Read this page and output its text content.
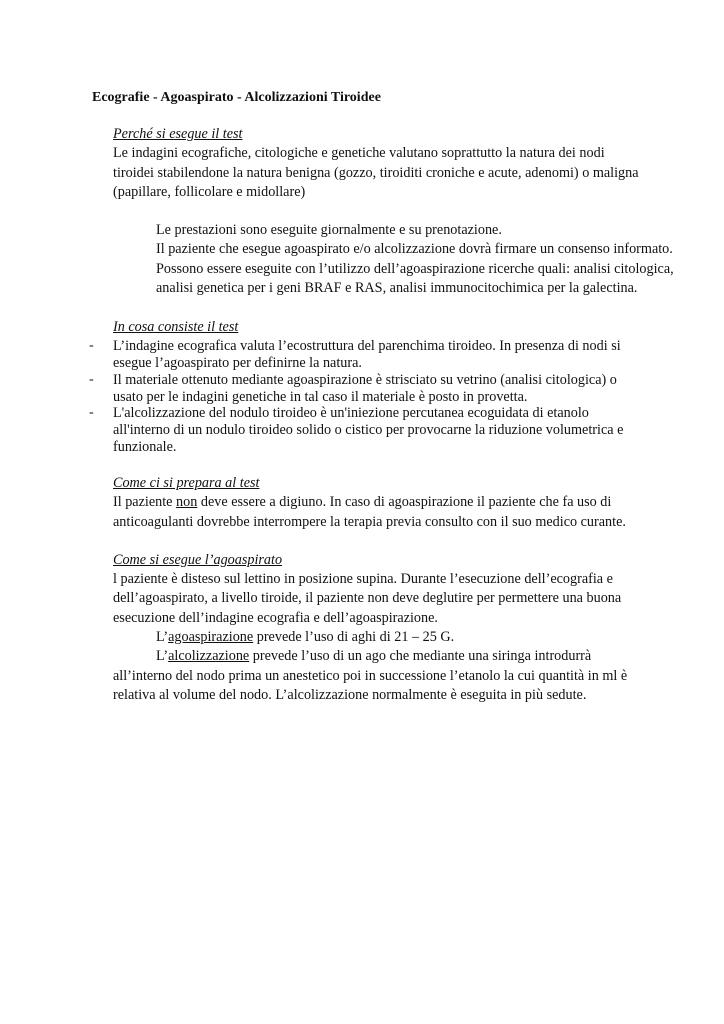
Ecografie - Agoaspirato - Alcolizzazioni Tiroidee
Perché si esegue il test
Le indagini ecografiche, citologiche e genetiche valutano soprattutto la natura dei nodi
tiroidei stabilendone la natura benigna (gozzo, tiroiditi croniche e acute, adenomi) o maligna
(papillare, follicolare e midollare)
Le prestazioni sono eseguite giornalmente e su prenotazione.
Il paziente che esegue agoaspirato e/o alcolizzazione dovrà firmare un consenso informato.
Possono essere eseguite con l’utilizzo dell’agoaspirazione ricerche quali: analisi citologica,
analisi genetica per i geni BRAF e RAS, analisi immunocitochimica per la galectina.
In cosa consiste il test
- L’indagine ecografica valuta l’ecostruttura del parenchima tiroideo. In presenza di nodi si
esegue l’agoaspirato per definirne la natura.
- Il materiale ottenuto mediante agoaspirazione è strisciato su vetrino (analisi citologica) o
usato per le indagini genetiche in tal caso il materiale è posto in provetta.
- L'alcolizzazione del nodulo tiroideo è un'iniezione percutanea ecoguidata di etanolo
all'interno di un nodulo tiroideo solido o cistico per provocarne la riduzione volumetrica e
funzionale.
Come ci si prepara al test
Il paziente non deve essere a digiuno. In caso di agoaspirazione il paziente che fa uso di
anticoagulanti dovrebbe interrompere la terapia previa consulto con il suo medico curante.
Come si esegue l’agoaspirato
l paziente è disteso sul lettino in posizione supina. Durante l’esecuzione dell’ecografia e
dell’agoaspirato, a livello tiroide, il paziente non deve deglutire per permettere una buona
esecuzione dell’indagine ecografia e dell’agoaspirazione.
L’agoaspirazione prevede l’uso di aghi di 21 – 25 G.
L’alcolizzazione prevede l’uso di un ago che mediante una siringa introdurrà
all’interno del nodo prima un anestetico poi in successione l’etanolo la cui quantità in ml è
relativa al volume del nodo. L’alcolizzazione normalmente è eseguita in più sedute.
